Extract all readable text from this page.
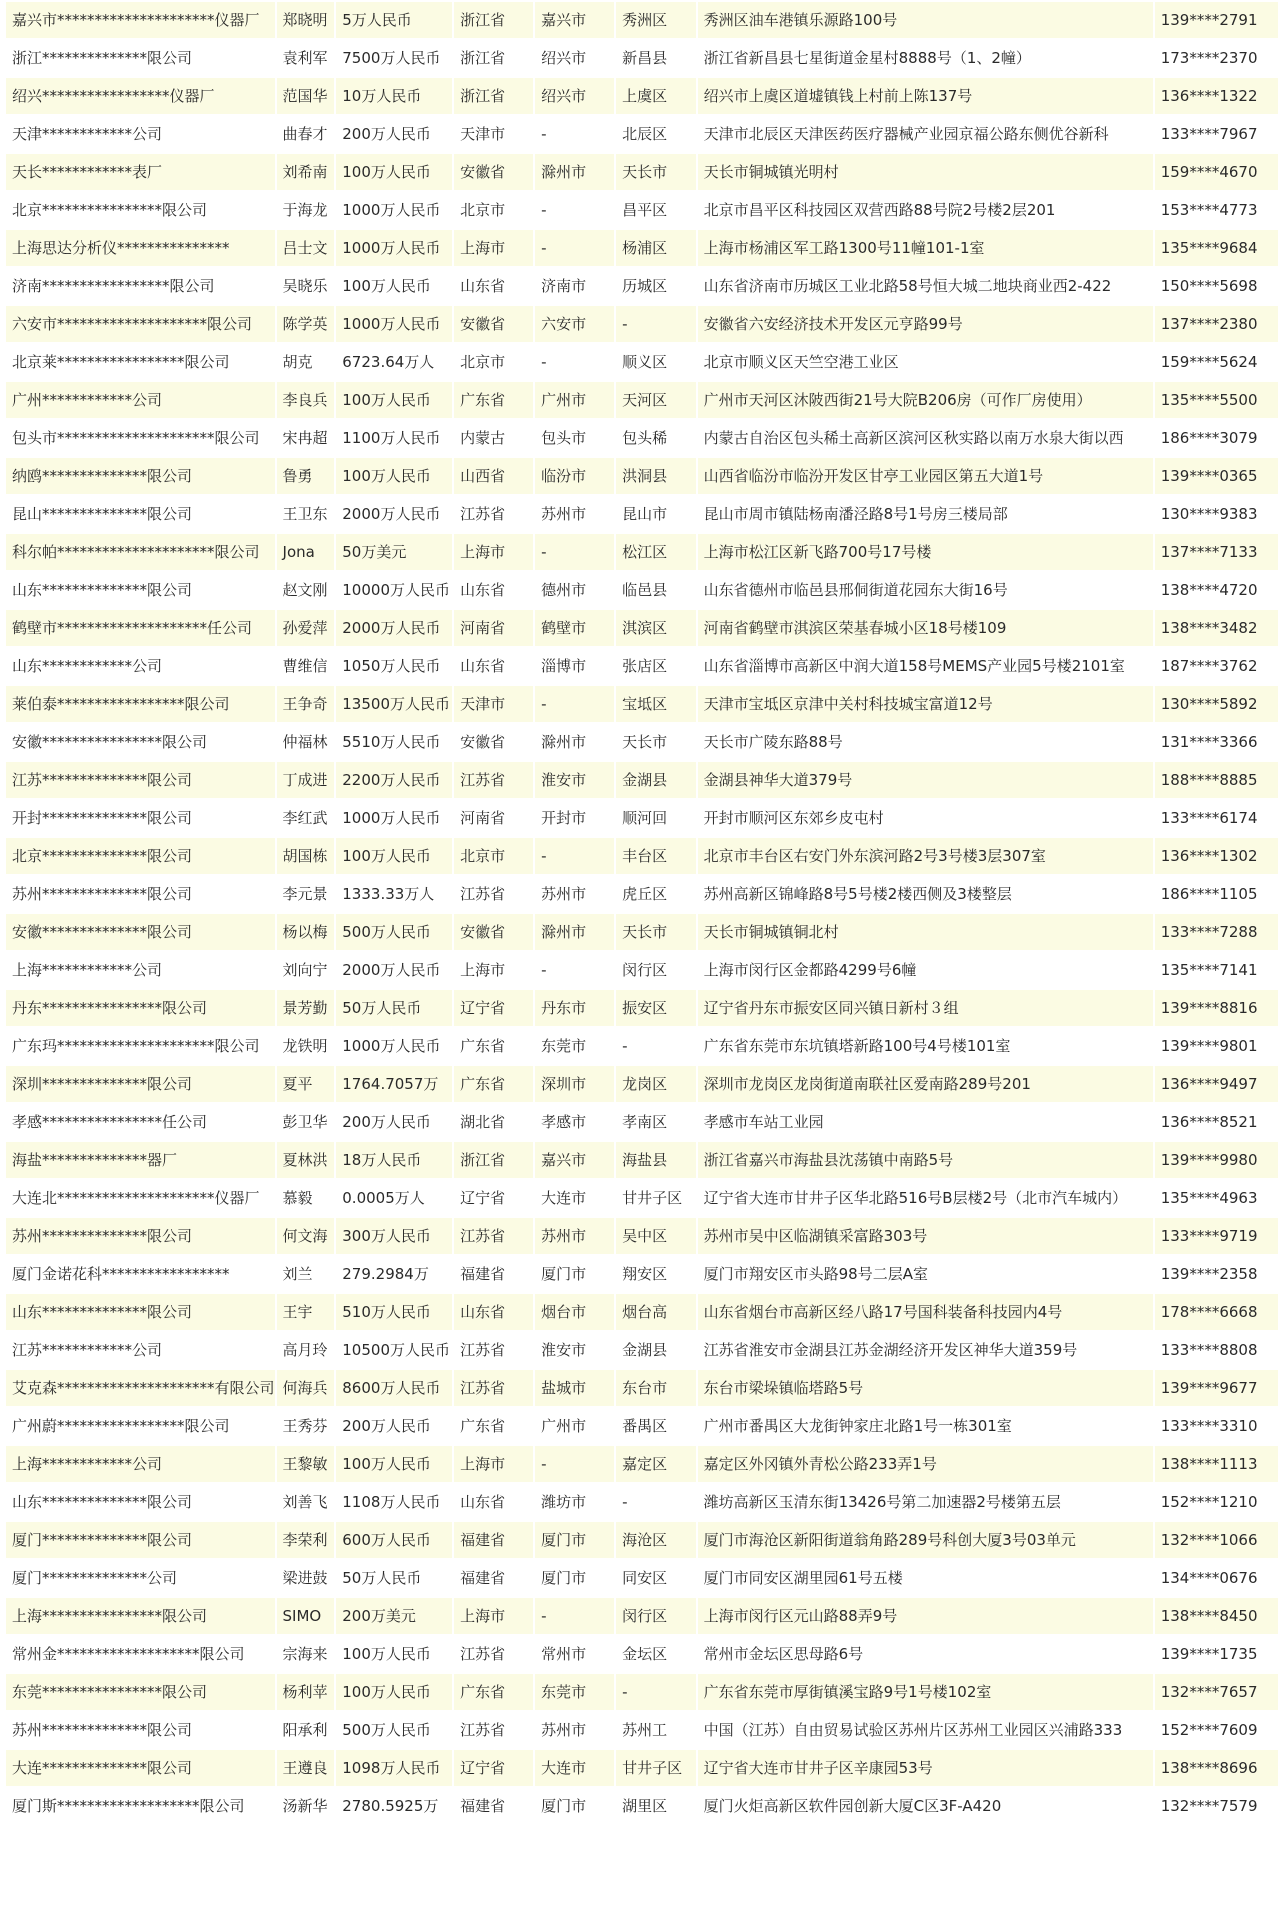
嘉兴市*********************仪器厂	郑晓明	5万人民币	浙江省	嘉兴市	秀洲区	秀洲区油车港镇乐源路100号	139****2791
浙江**************限公司	袁利军	7500万人民币	浙江省	绍兴市	新昌县	浙江省新昌县七星街道金星村8888号（1、2幢）	173****2370
绍兴*****************仪器厂	范国华	10万人民币	浙江省	绍兴市	上虞区	绍兴市上虞区道墟镇钱上村前上陈137号	136****1322
天津************公司	曲春才	200万人民币	天津市	-	北辰区	天津市北辰区天津医药医疗器械产业园京福公路东侧优谷新科	133****7967
天长************表厂	刘希南	100万人民币	安徽省	滁州市	天长市	天长市铜城镇光明村	159****4670
北京****************限公司	于海龙	1000万人民币	北京市	-	昌平区	北京市昌平区科技园区双营西路88号院2号楼2层201	153****4773
上海思达分析仪***************	吕士文	1000万人民币	上海市	-	杨浦区	上海市杨浦区军工路1300号11幢101-1室	135****9684
济南*****************限公司	吴晓乐	100万人民币	山东省	济南市	历城区	山东省济南市历城区工业北路58号恒大城二地块商业西2-422	150****5698
六安市********************限公司	陈学英	1000万人民币	安徽省	六安市	-	安徽省六安经济技术开发区元亨路99号	137****2380
北京莱*****************限公司	胡克	6723.64万人	北京市	-	顺义区	北京市顺义区天竺空港工业区	159****5624
广州************公司	李良兵	100万人民币	广东省	广州市	天河区	广州市天河区沐陂西街21号大院B206房（可作厂房使用）	135****5500
包头市*********************限公司	宋冉超	1100万人民币	内蒙古	包头市	包头稀	内蒙古自治区包头稀土高新区滨河区秋实路以南万水泉大街以西	186****3079
纳鸥**************限公司	鲁勇	100万人民币	山西省	临汾市	洪洞县	山西省临汾市临汾开发区甘亭工业园区第五大道1号	139****0365
昆山**************限公司	王卫东	2000万人民币	江苏省	苏州市	昆山市	昆山市周市镇陆杨南潘泾路8号1号房三楼局部	130****9383
科尔帕*********************限公司	Jona	50万美元	上海市	-	松江区	上海市松江区新飞路700号17号楼	137****7133
山东**************限公司	赵文刚	10000万人民币	山东省	德州市	临邑县	山东省德州市临邑县邢侗街道花园东大街16号	138****4720
鹤壁市********************任公司	孙爱萍	2000万人民币	河南省	鹤壁市	淇滨区	河南省鹤壁市淇滨区荣基春城小区18号楼109	138****3482
山东************公司	曹维信	1050万人民币	山东省	淄博市	张店区	山东省淄博市高新区中润大道158号MEMS产业园5号楼2101室	187****3762
莱伯泰*****************限公司	王争奇	13500万人民币	天津市	-	宝坻区	天津市宝坻区京津中关村科技城宝富道12号	130****5892
安徽****************限公司	仲福林	5510万人民币	安徽省	滁州市	天长市	天长市广陵东路88号	131****3366
江苏**************限公司	丁成进	2200万人民币	江苏省	淮安市	金湖县	金湖县神华大道379号	188****8885
开封**************限公司	李红武	1000万人民币	河南省	开封市	顺河回	开封市顺河区东郊乡皮屯村	133****6174
北京**************限公司	胡国栋	100万人民币	北京市	-	丰台区	北京市丰台区右安门外东滨河路2号3号楼3层307室	136****1302
苏州**************限公司	李元景	1333.33万人	江苏省	苏州市	虎丘区	苏州高新区锦峰路8号5号楼2楼西侧及3楼整层	186****1105
安徽**************限公司	杨以梅	500万人民币	安徽省	滁州市	天长市	天长市铜城镇铜北村	133****7288
上海************公司	刘向宁	2000万人民币	上海市	-	闵行区	上海市闵行区金都路4299号6幢	135****7141
丹东****************限公司	景芳勤	50万人民币	辽宁省	丹东市	振安区	辽宁省丹东市振安区同兴镇日新村３组	139****8816
广东玛*********************限公司	龙铁明	1000万人民币	广东省	东莞市	-	广东省东莞市东坑镇塔新路100号4号楼101室	139****9801
深圳**************限公司	夏平	1764.7057万	广东省	深圳市	龙岗区	深圳市龙岗区龙岗街道南联社区爱南路289号201	136****9497
孝感****************任公司	彭卫华	200万人民币	湖北省	孝感市	孝南区	孝感市车站工业园	136****8521
海盐**************器厂	夏林洪	18万人民币	浙江省	嘉兴市	海盐县	浙江省嘉兴市海盐县沈荡镇中南路5号	139****9980
大连北*********************仪器厂	慕毅	0.0005万人	辽宁省	大连市	甘井子区	辽宁省大连市甘井子区华北路516号B层楼2号（北市汽车城内）	135****4963
苏州**************限公司	何文海	300万人民币	江苏省	苏州市	吴中区	苏州市吴中区临湖镇采富路303号	133****9719
厦门金诺花科*****************	刘兰	279.2984万	福建省	厦门市	翔安区	厦门市翔安区市头路98号二层A室	139****2358
山东**************限公司	王宇	510万人民币	山东省	烟台市	烟台高	山东省烟台市高新区经八路17号国科装备科技园内4号	178****6668
江苏************公司	高月玲	10500万人民币	江苏省	淮安市	金湖县	江苏省淮安市金湖县江苏金湖经济开发区神华大道359号	133****8808
艾克森*********************有限公司	何海兵	8600万人民币	江苏省	盐城市	东台市	东台市梁垛镇临塔路5号	139****9677
广州蔚*****************限公司	王秀芬	200万人民币	广东省	广州市	番禺区	广州市番禺区大龙街钟家庄北路1号一栋301室	133****3310
上海************公司	王黎敏	100万人民币	上海市	-	嘉定区	嘉定区外冈镇外青松公路233弄1号	138****1113
山东**************限公司	刘善飞	1108万人民币	山东省	潍坊市	-	潍坊高新区玉清东街13426号第二加速器2号楼第五层	152****1210
厦门**************限公司	李荣利	600万人民币	福建省	厦门市	海沧区	厦门市海沧区新阳街道翁角路289号科创大厦3号03单元	132****1066
厦门**************公司	梁进鼓	50万人民币	福建省	厦门市	同安区	厦门市同安区湖里园61号五楼	134****0676
上海****************限公司	SIMO	200万美元	上海市	-	闵行区	上海市闵行区元山路88弄9号	138****8450
常州金*******************限公司	宗海来	100万人民币	江苏省	常州市	金坛区	常州市金坛区思母路6号	139****1735
东莞****************限公司	杨利苹	100万人民币	广东省	东莞市	-	广东省东莞市厚街镇溪宝路9号1号楼102室	132****7657
苏州**************限公司	阳承利	500万人民币	江苏省	苏州市	苏州工	中国（江苏）自由贸易试验区苏州片区苏州工业园区兴浦路333	152****7609
大连**************限公司	王遵良	1098万人民币	辽宁省	大连市	甘井子区	辽宁省大连市甘井子区辛康园53号	138****8696
厦门斯*******************限公司	汤新华	2780.5925万	福建省	厦门市	湖里区	厦门火炬高新区软件园创新大厦C区3F-A420	132****7579
